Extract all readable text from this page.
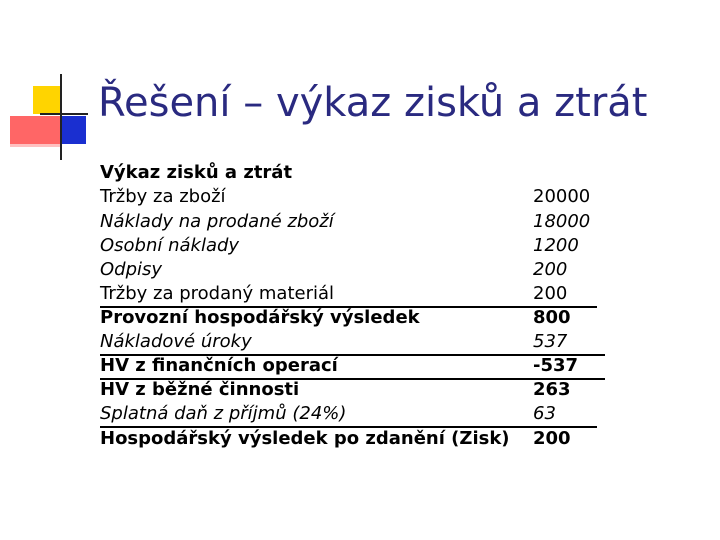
Řešení – výkaz zisků a ztrát
Výkaz zisků a ztrát
Tržby za zboží	20000
Náklady na prodané zboží	18000
Osobní náklady	1200
Odpisy	200
Tržby za prodaný materiál	200
Provozní hospodářský výsledek	800
Nákladové úroky	537
HV z finančních operací	-537
HV z běžné činnosti	263
Splatná daň z příjmů (24%)	63
Hospodářský výsledek po zdanění (Zisk) 200
